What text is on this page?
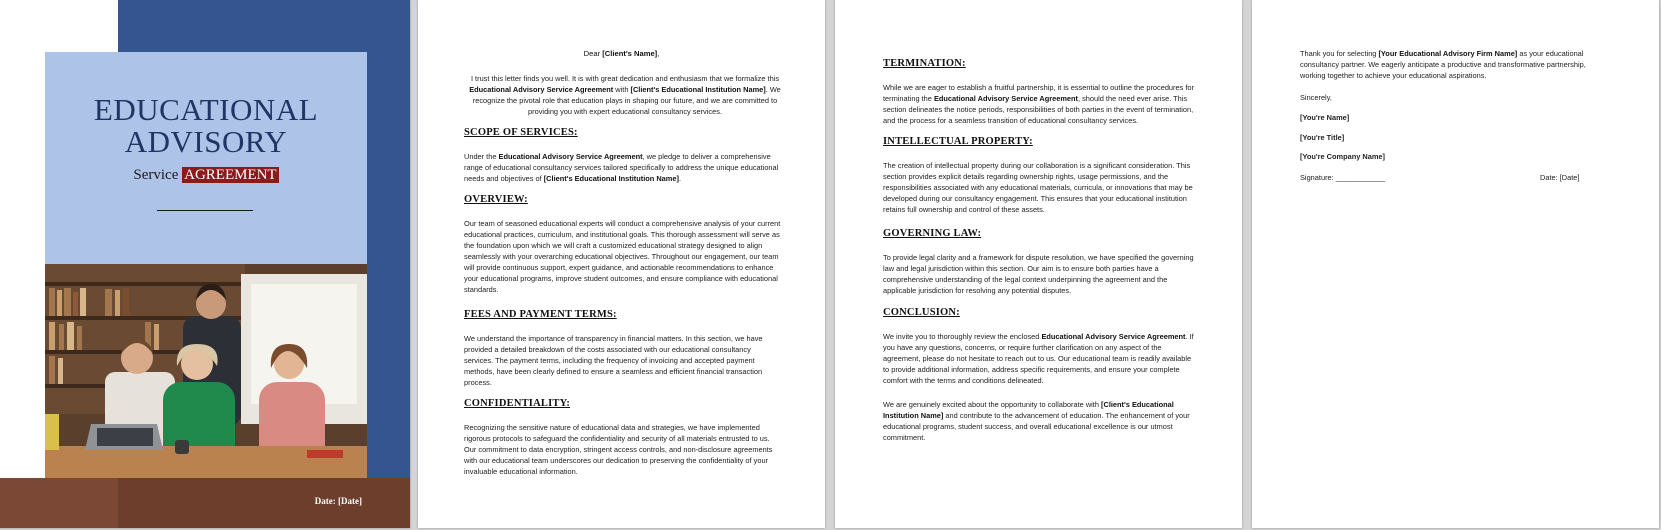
EDUCATIONAL
ADVISORY
Service AGREEMENT
Date: [Date]
Dear [Client's Name],

I trust this letter finds you well. It is with great dedication and enthusiasm that we formalize this Educational Advisory Service Agreement with [Client's Educational Institution Name]. We recognize the pivotal role that education plays in shaping our future, and we are committed to providing you with expert educational consultancy services.

SCOPE OF SERVICES:

Under the Educational Advisory Service Agreement, we pledge to deliver a comprehensive range of educational consultancy services tailored specifically to address the unique educational needs and objectives of [Client's Educational Institution Name].

OVERVIEW:

Our team of seasoned educational experts will conduct a comprehensive analysis of your current educational practices, curriculum, and institutional goals. This thorough assessment will serve as the foundation upon which we will craft a customized educational strategy designed to align seamlessly with your overarching educational objectives. Throughout our engagement, our team will provide continuous support, expert guidance, and actionable recommendations to enhance your educational programs, improve student outcomes, and ensure compliance with educational standards.

FEES AND PAYMENT TERMS:

We understand the importance of transparency in financial matters. In this section, we have provided a detailed breakdown of the costs associated with our educational consultancy services. The payment terms, including the frequency of invoicing and accepted payment methods, have been clearly defined to ensure a seamless and efficient financial transaction process.

CONFIDENTIALITY:

Recognizing the sensitive nature of educational data and strategies, we have implemented rigorous protocols to safeguard the confidentiality and security of all materials entrusted to us. Our commitment to data encryption, stringent access controls, and non-disclosure agreements with our educational team underscores our dedication to preserving the confidentiality of your invaluable educational information.

TERMINATION:

While we are eager to establish a fruitful partnership, it is essential to outline the procedures for terminating the Educational Advisory Service Agreement, should the need ever arise. This section delineates the notice periods, responsibilities of both parties in the event of termination, and the process for a seamless transition of educational consultancy services.

INTELLECTUAL PROPERTY:

The creation of intellectual property during our collaboration is a significant consideration. This section provides explicit details regarding ownership rights, usage permissions, and the responsibilities associated with any educational materials, curricula, or innovations that may be developed during our consultancy engagement. This ensures that your educational institution retains full ownership and control of these assets.

GOVERNING LAW:

To provide legal clarity and a framework for dispute resolution, we have specified the governing law and legal jurisdiction within this section. Our aim is to ensure both parties have a comprehensive understanding of the legal context underpinning the agreement and the applicable jurisdiction for resolving any potential disputes.

CONCLUSION:

We invite you to thoroughly review the enclosed Educational Advisory Service Agreement. If you have any questions, concerns, or require further clarification on any aspect of the agreement, please do not hesitate to reach out to us. Our educational team is readily available to provide additional information, address specific requirements, and ensure your complete comfort with the terms and conditions delineated.

We are genuinely excited about the opportunity to collaborate with [Client's Educational Institution Name] and contribute to the advancement of education. The enhancement of your educational programs, student success, and overall educational excellence is our utmost commitment.

Thank you for selecting [Your Educational Advisory Firm Name] as your educational consultancy partner. We eagerly anticipate a productive and transformative partnership, working together to achieve your educational aspirations.

Sincerely,
[You're Name]
[You're Title]
[You're Company Name]
Signature: ____________	Date: [Date]
